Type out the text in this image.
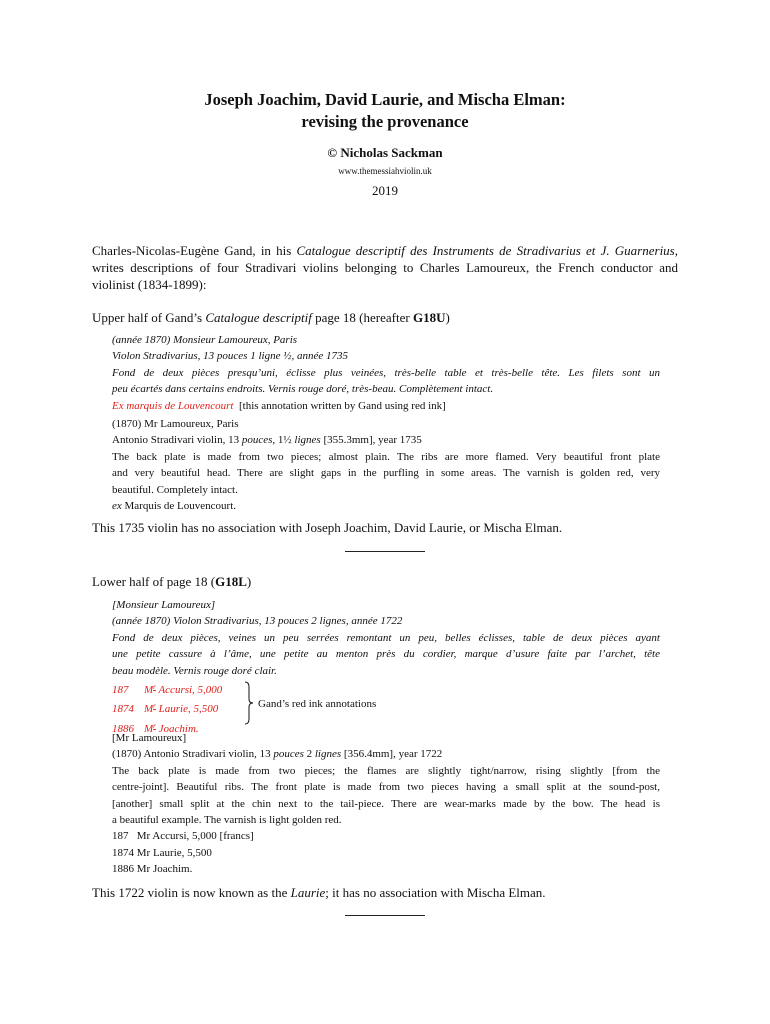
Joseph Joachim, David Laurie, and Mischa Elman:
revising the provenance
© Nicholas Sackman
www.themessiahviolin.uk
2019
Charles-Nicolas-Eugène Gand, in his Catalogue descriptif des Instruments de Stradivarius et J. Guarnerius, writes descriptions of four Stradivari violins belonging to Charles Lamoureux, the French conductor and violinist (1834-1899):
Upper half of Gand’s Catalogue descriptif page 18 (hereafter G18U)
(année 1870) Monsieur Lamoureux, Paris
Violon Stradivarius, 13 pouces 1 ligne ½, année 1735
Fond de deux pièces presqu’uni, éclisse plus veinées, très-belle table et très-belle tête. Les filets sont un
peu écartés dans certains endroits. Vernis rouge doré, très-beau. Complètement intact.
Ex marquis de Louvencourt [this annotation written by Gand using red ink]
(1870) Mr Lamoureux, Paris
Antonio Stradivari violin, 13 pouces, 1½ lignes [355.3mm], year 1735
The back plate is made from two pieces; almost plain. The ribs are more flamed. Very beautiful front plate
and very beautiful head. There are slight gaps in the purfling in some areas. The varnish is golden red, very
beautiful. Completely intact.
ex Marquis de Louvencourt.
This 1735 violin has no association with Joseph Joachim, David Laurie, or Mischa Elman.
Lower half of page 18 (G18L)
[Monsieur Lamoureux]
(année 1870) Violon Stradivarius, 13 pouces 2 lignes, année 1722
Fond de deux pièces, veines un peu serrées remontant un peu, belles éclisses, table de deux pièces ayant
une petite cassure à l’âme, une petite au menton près du cordier, marque d’usure faite par l’archet, tête
beau modèle. Vernis rouge doré clair.
187 $M^r$ Accursi, 5,000
1874 $M^r$ Laurie, 5,500
1886 $M^r$ Joachim.
Gand’s red ink annotations
[Mr Lamoureux]
(1870) Antonio Stradivari violin, 13 pouces 2 lignes [356.4mm], year 1722
The back plate is made from two pieces; the flames are slightly tight/narrow, rising slightly [from the
centre-joint]. Beautiful ribs. The front plate is made from two pieces having a small split at the sound-post,
[another] small split at the chin next to the tail-piece. There are wear-marks made by the bow. The head is
a beautiful example. The varnish is light golden red.
187   Mr Accursi, 5,000 [francs]
1874 Mr Laurie, 5,500
1886 Mr Joachim.
This 1722 violin is now known as the Laurie; it has no association with Mischa Elman.
